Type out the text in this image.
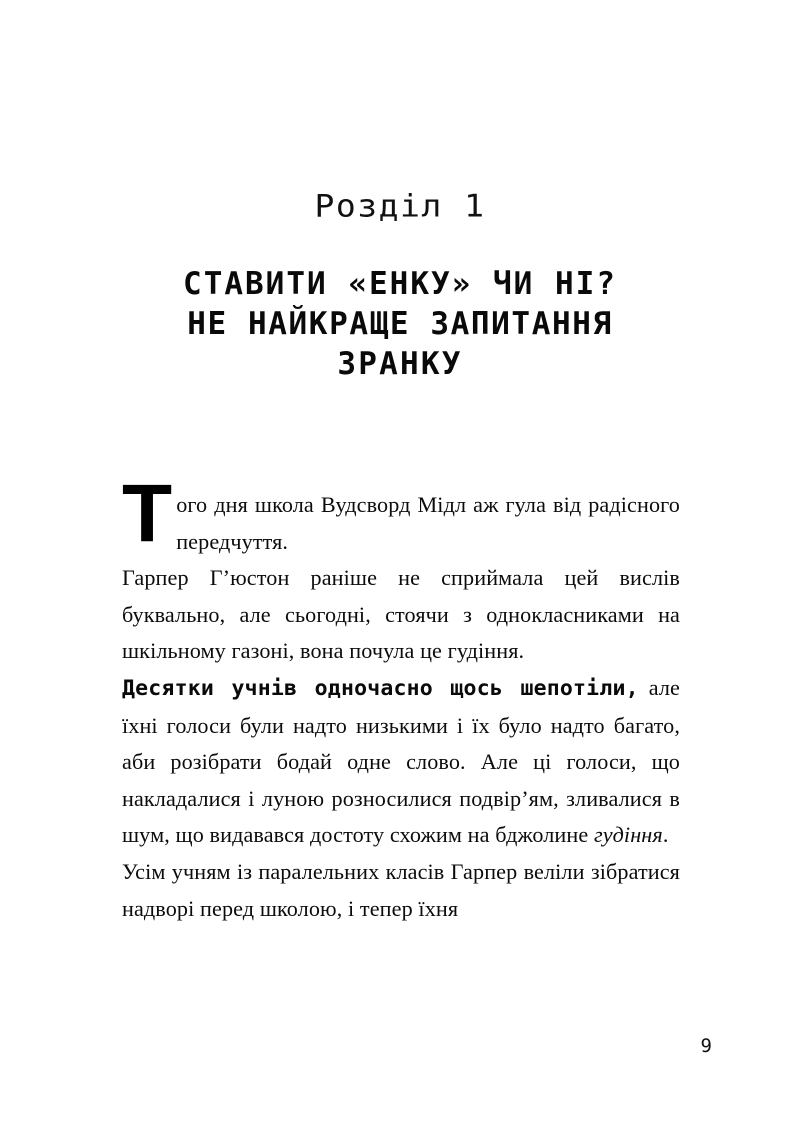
Розділ 1
СТАВИТИ «ЕНКУ» ЧИ НІ?
НЕ НАЙКРАЩЕ ЗАПИТАННЯ
ЗРАНКУ

Того дня школа Вудсворд Мідл аж гула від радісного передчуття.

Гарпер Г’юстон раніше не сприймала цей вислів буквально, але сьогодні, стоячи з однокласниками на шкільному газоні, вона почула це гудіння.

Десятки учнів одночасно щось шепотіли, але їхні голоси були надто низькими і їх було надто багато, аби розібрати бодай одне слово. Але ці голоси, що накладалися і луною розносилися подвір’ям, зливалися в шум, що видавався достоту схожим на бджолине гудіння.

Усім учням із паралельних класів Гарпер веліли зібратися надворі перед школою, і тепер їхня

9
